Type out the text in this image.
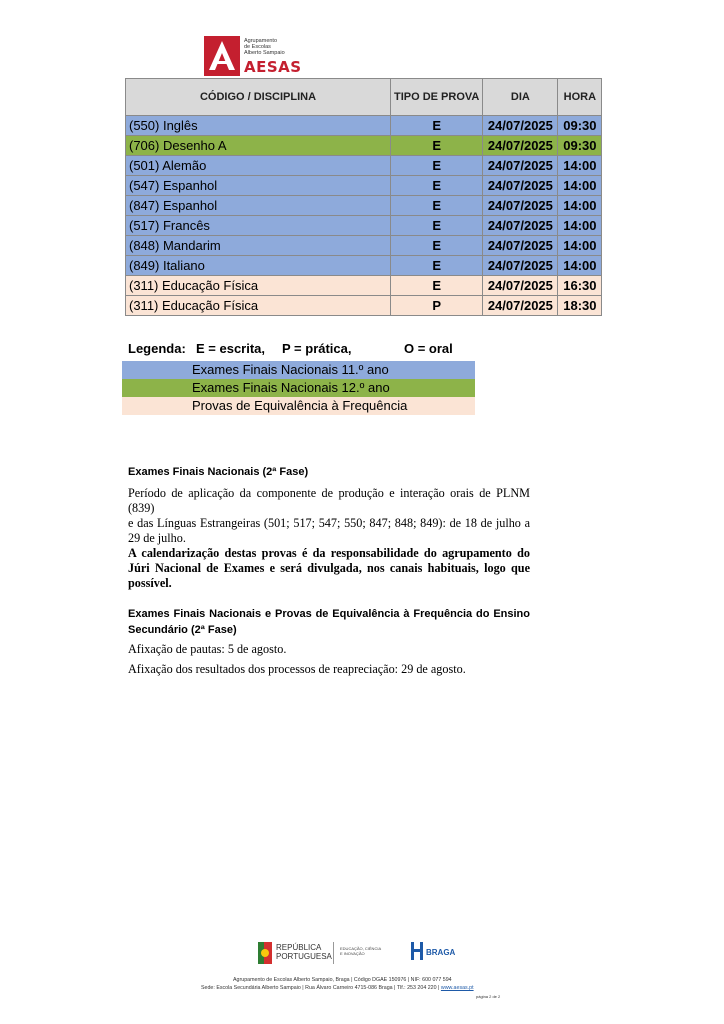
Agrupamento
de Escolas
Alberto Sampaio
AESAS
CÓDIGO / DISCIPLINA	TIPO DE PROVA	DIA	HORA
(550) Inglês	E	24/07/2025	09:30
(706) Desenho A	E	24/07/2025	09:30
(501) Alemão	E	24/07/2025	14:00
(547) Espanhol	E	24/07/2025	14:00
(847) Espanhol	E	24/07/2025	14:00
(517) Francês	E	24/07/2025	14:00
(848) Mandarim	E	24/07/2025	14:00
(849) Italiano	E	24/07/2025	14:00
(311) Educação Física	E	24/07/2025	16:30
(311) Educação Física	P	24/07/2025	18:30
Legenda: E = escrita, P = prática,	O = oral
Exames Finais Nacionais 11.º ano
Exames Finais Nacionais 12.º ano
Provas de Equivalência à Frequência
Exames Finais Nacionais (2ª Fase)
Período de aplicação da componente de produção e interação orais de PLNM (839)
e das Línguas Estrangeiras (501; 517; 547; 550; 847; 848; 849): de 18 de julho a
29 de julho.
A calendarização destas provas é da responsabilidade do agrupamento do
Júri Nacional de Exames e será divulgada, nos canais habituais, logo que
possível.
Exames Finais Nacionais e Provas de Equivalência à Frequência do Ensino
Secundário (2ª Fase)
Afixação de pautas: 5 de agosto.
Afixação dos resultados dos processos de reapreciação: 29 de agosto.
REPÚBLICA
PORTUGUESA
EDUCAÇÃO, CIÊNCIA
E INOVAÇÃO	BRAGA
Agrupamento de Escolas Alberto Sampaio, Braga | Código DGAE 150976 | NIF: 600 077 594
Sede: Escola Secundária Alberto Sampaio | Rua Álvaro Carneiro 4715-086 Braga | Tlf.: 253 204 220 | www.aesas.pt
página 2 de 2
